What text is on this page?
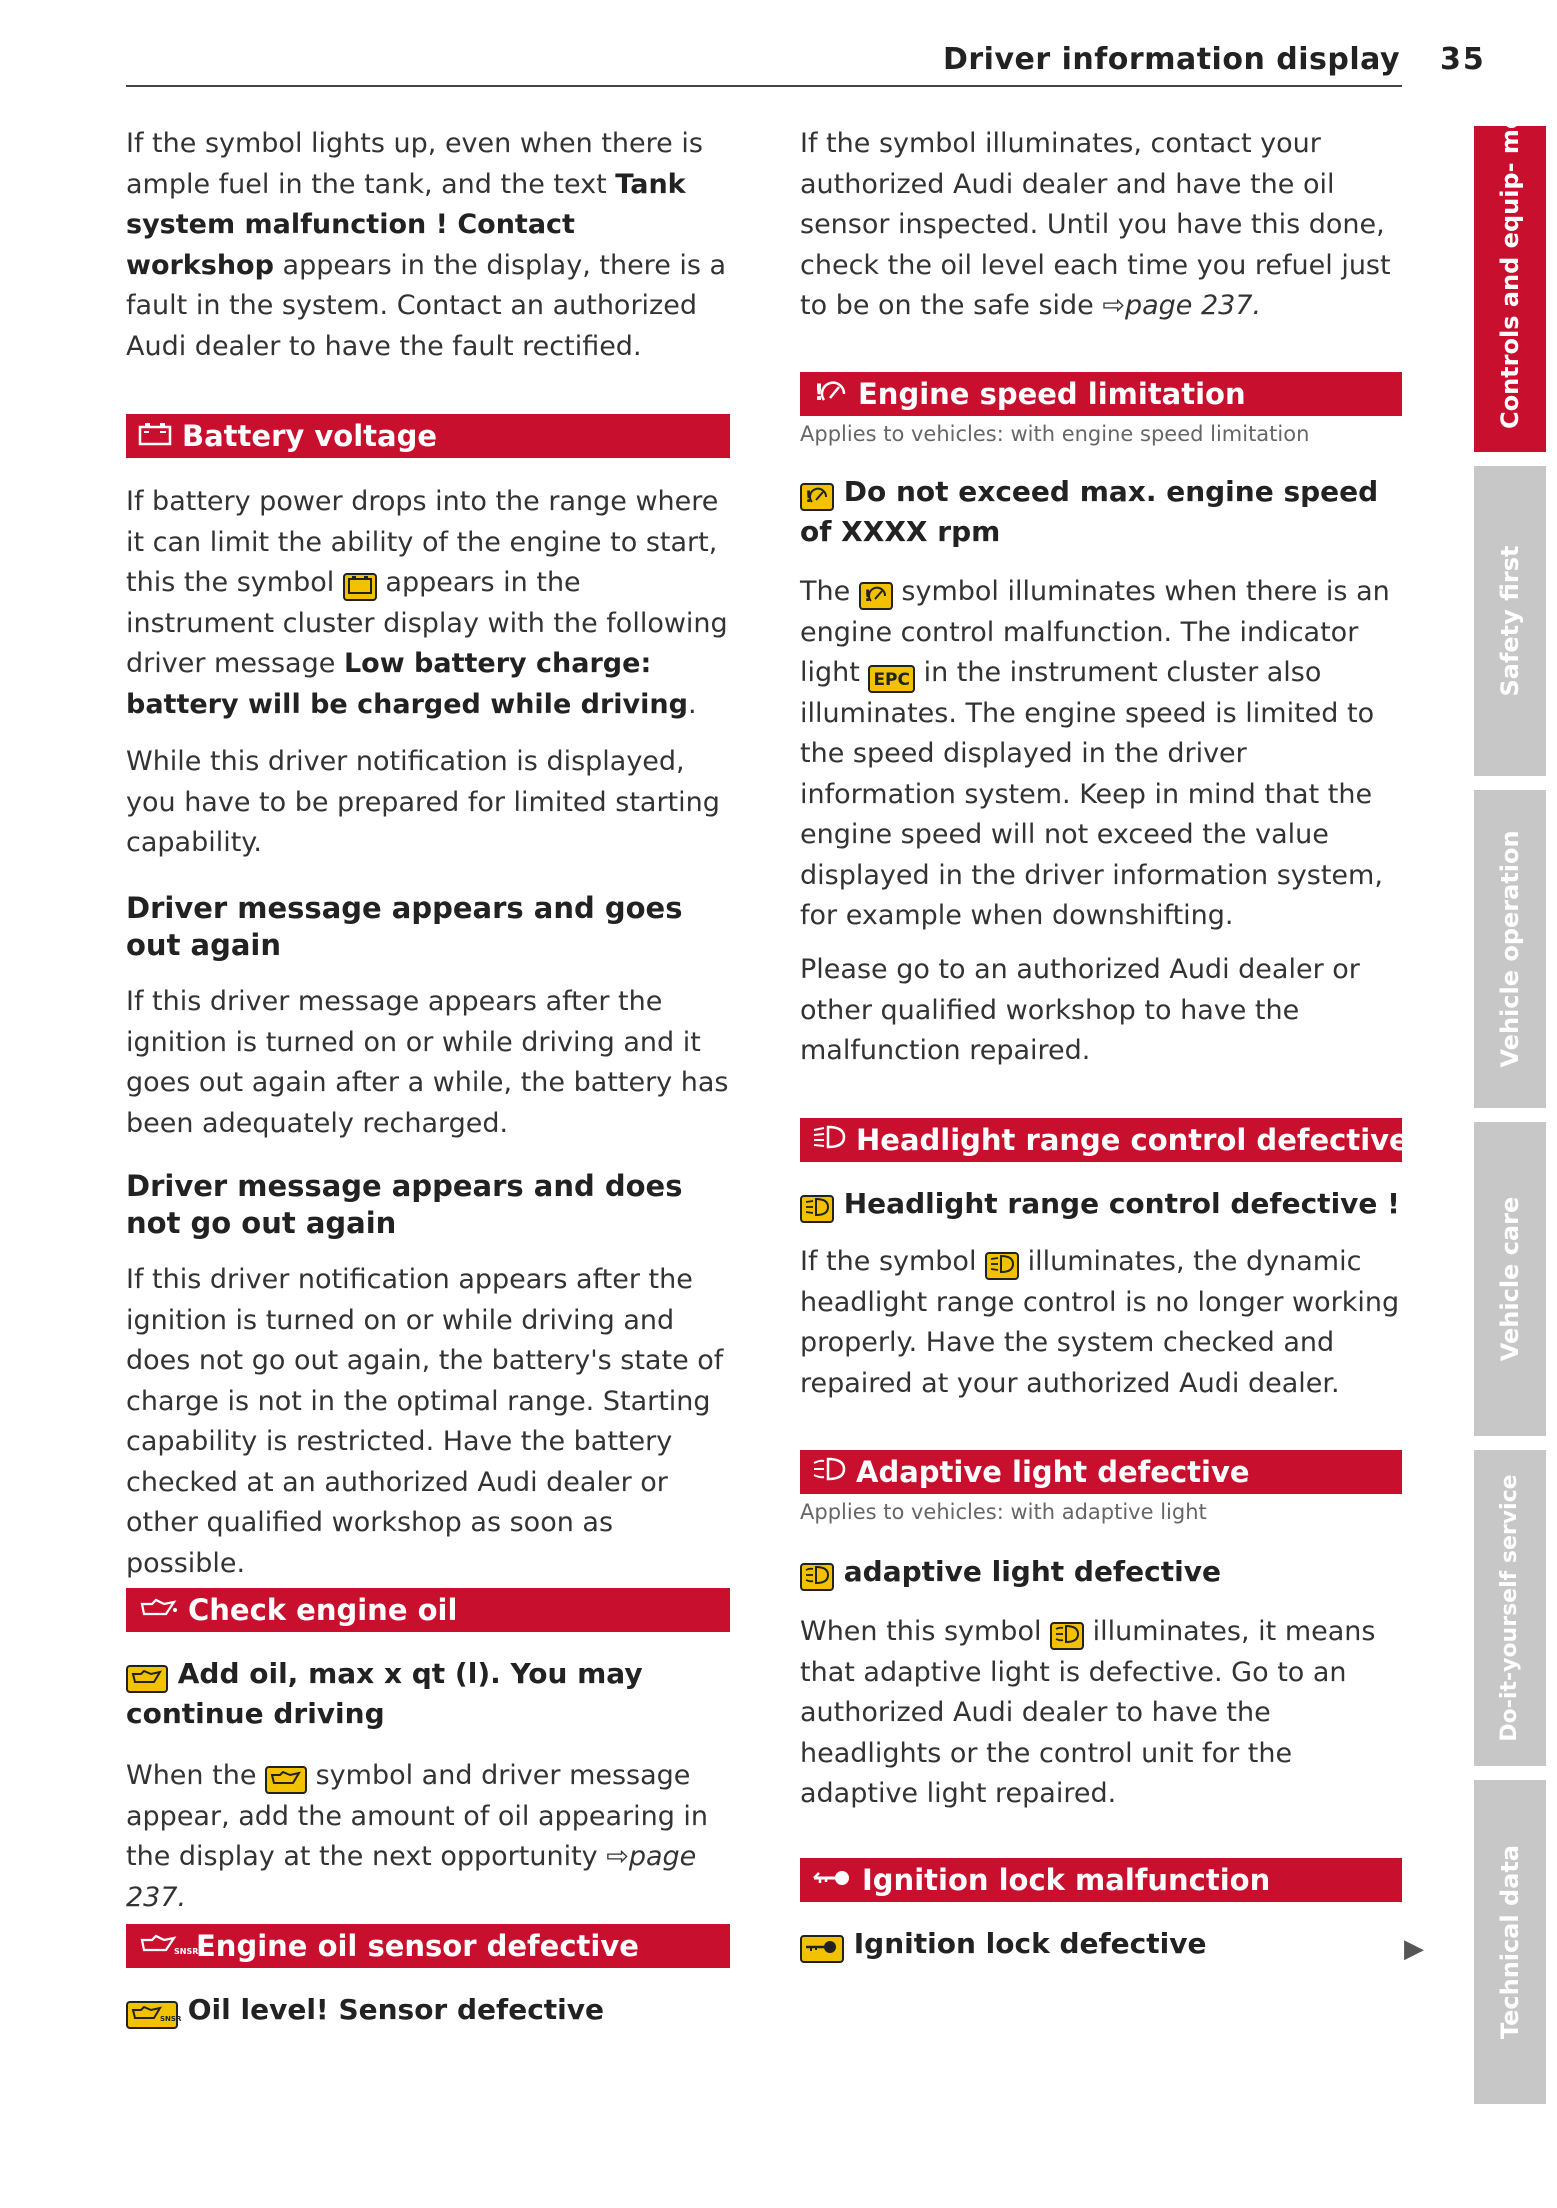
Driver information display 35

If the symbol lights up, even when there is ample fuel in the tank, and the text Tank system malfunction ! Contact workshop appears in the display, there is a fault in the system. Contact an authorized Audi dealer to have the fault rectified.

Battery voltage

If battery power drops into the range where it can limit the ability of the engine to start, this the symbol  appears in the instrument cluster display with the following driver message Low battery charge: battery will be charged while driving.

While this driver notification is displayed, you have to be prepared for limited starting capability.

Driver message appears and goes out again

If this driver message appears after the ignition is turned on or while driving and it goes out again after a while, the battery has been adequately recharged.

Driver message appears and does not go out again

If this driver notification appears after the ignition is turned on or while driving and does not go out again, the battery's state of charge is not in the optimal range. Starting capability is restricted. Have the battery checked at an authorized Audi dealer or other qualified workshop as soon as possible.

Check engine oil

Add oil, max x qt (l). You may continue driving

When the  symbol and driver message appear, add the amount of oil appearing in the display at the next opportunity ⇨page 237.

SNSR
Engine oil sensor defective

SNSR Oil level! Sensor defective

If the symbol illuminates, contact your authorized Audi dealer and have the oil sensor inspected. Until you have this done, check the oil level each time you refuel just to be on the safe side ⇨page 237.

! Engine speed limitation

Applies to vehicles: with engine speed limitation

! Do not exceed max. engine speed of XXXX rpm

The ! symbol illuminates when there is an engine control malfunction. The indicator light EPC in the instrument cluster also illuminates. The engine speed is limited to the speed displayed in the driver information system. Keep in mind that the engine speed will not exceed the value displayed in the driver information system, for example when downshifting.

Please go to an authorized Audi dealer or other qualified workshop to have the malfunction repaired.

Headlight range control defective

Headlight range control defective !

If the symbol  illuminates, the dynamic headlight range control is no longer working properly. Have the system checked and repaired at your authorized Audi dealer.

Adaptive light defective

Applies to vehicles: with adaptive light

adaptive light defective

When this symbol  illuminates, it means that adaptive light is defective. Go to an authorized Audi dealer to have the headlights or the control unit for the adaptive light repaired.

Ignition lock malfunction

Ignition lock defective	▶
Controls and equip- ment
Safety first
Vehicle operation
Vehicle care
Do-it-yourself service
Technical data
